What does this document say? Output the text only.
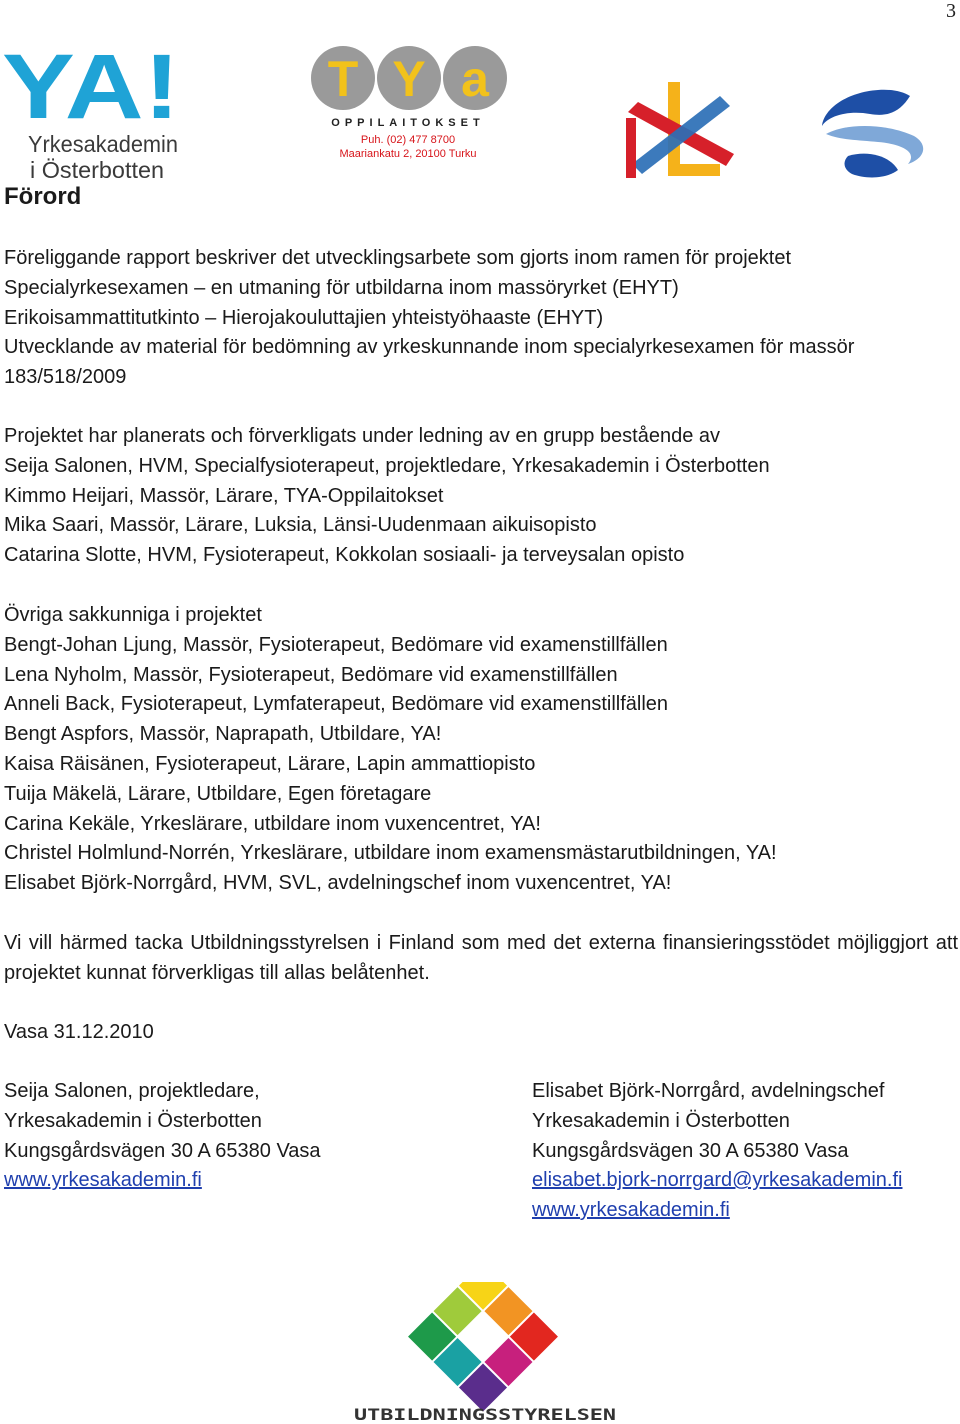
3
YA!
Yrkesakademin
i Österbotten
T Y a
OPPILAITOKSET
Puh. (02) 477 8700
Maariankatu 2, 20100 Turku
Förord
Föreliggande rapport beskriver det utvecklingsarbete som gjorts inom ramen för projektet
Specialyrkesexamen – en utmaning för utbildarna inom massöryrket (EHYT)
Erikoisammattitutkinto – Hierojakouluttajien yhteistyöhaaste (EHYT)
Utvecklande av material för bedömning av yrkeskunnande inom specialyrkesexamen för massör
183/518/2009
Projektet har planerats och förverkligats under ledning av en grupp bestående av
Seija Salonen, HVM, Specialfysioterapeut, projektledare, Yrkesakademin i Österbotten
Kimmo Heijari, Massör, Lärare, TYA-Oppilaitokset
Mika Saari, Massör, Lärare, Luksia, Länsi-Uudenmaan aikuisopisto
Catarina Slotte, HVM, Fysioterapeut, Kokkolan sosiaali- ja terveysalan opisto
Övriga sakkunniga i projektet
Bengt-Johan Ljung, Massör, Fysioterapeut, Bedömare vid examenstillfällen
Lena Nyholm, Massör, Fysioterapeut, Bedömare vid examenstillfällen
Anneli Back, Fysioterapeut, Lymfaterapeut, Bedömare vid examenstillfällen
Bengt Aspfors, Massör, Naprapath, Utbildare, YA!
Kaisa Räisänen, Fysioterapeut, Lärare, Lapin ammattiopisto
Tuija Mäkelä, Lärare, Utbildare, Egen företagare
Carina Kekäle, Yrkeslärare, utbildare inom vuxencentret, YA!
Christel Holmlund-Norrén, Yrkeslärare, utbildare inom examensmästarutbildningen, YA!
Elisabet Björk-Norrgård, HVM, SVL, avdelningschef inom vuxencentret, YA!
Vi vill härmed tacka Utbildningsstyrelsen i Finland som med det externa finansieringsstödet möjliggjort att projektet kunnat förverkligas till allas belåtenhet.
Vasa 31.12.2010
Seija Salonen, projektledare,
Yrkesakademin i Österbotten
Kungsgårdsvägen 30 A 65380 Vasa
www.yrkesakademin.fi
Elisabet Björk-Norrgård, avdelningschef
Yrkesakademin i Österbotten
Kungsgårdsvägen 30 A 65380 Vasa
elisabet.bjork-norrgard@yrkesakademin.fi
www.yrkesakademin.fi
UTBILDNINGSSTYRELSEN
